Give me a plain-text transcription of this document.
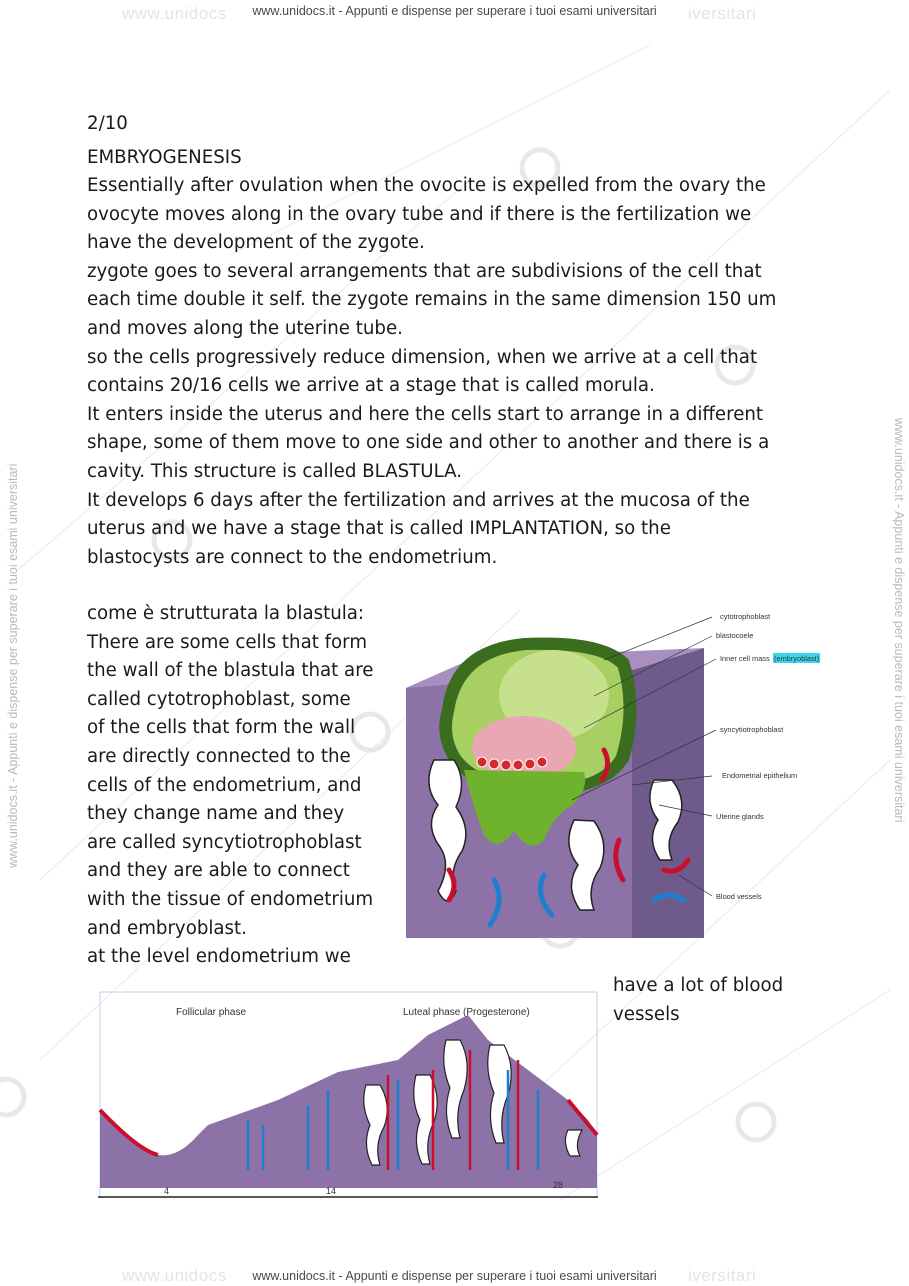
www.unidocs	iversitari
www.unidocs	iversitari
www.unidocs.it - Appunti e dispense per superare i tuoi esami universitari
www.unidocs.it - Appunti e dispense per superare i tuoi esami universitari
www.unidocs.it - Appunti e dispense per superare i tuoi esami universitari	www.unidocs.it - Appunti e dispense per superare i tuoi esami universitari
2/10
EMBRYOGENESIS
Essentially after ovulation when the ovocite is expelled from the ovary the
ovocyte moves along in the ovary tube and if there is the fertilization we
have the development of the zygote.
zygote goes to several arrangements that are subdivisions of the cell that
each time double it self. the zygote remains in the same dimension 150 um
and moves along the uterine tube.
so the cells progressively reduce dimension, when we arrive at a cell that
contains 20/16 cells we arrive at a stage that is called morula.
It enters inside the uterus and here the cells start to arrange in a different
shape, some of them move to one side and other to another and there is a
cavity. This structure is called BLASTULA.
It develops 6 days after the fertilization and arrives at the mucosa of the
uterus and we have a stage that is called IMPLANTATION, so the
blastocysts are connect to the endometrium.
come è strutturata la blastula:
There are some cells that form
the wall of the blastula that are
called cytotrophoblast, some
of the cells that form the wall
are directly connected to the
cells of the endometrium, and
they change name and they
are called syncytiotrophoblast
and they are able to connect
with the tissue of endometrium
and embryoblast.
at the level endometrium we
have a lot of blood
vessels
cytotrophoblast
blastocoele
Inner cell mass (embryoblast)
syncytiotrophoblast
Endometrial epithelium
Uterine glands
Blood vessels
Follicular phase	Luteal phase (Progesterone)
4	14
28
